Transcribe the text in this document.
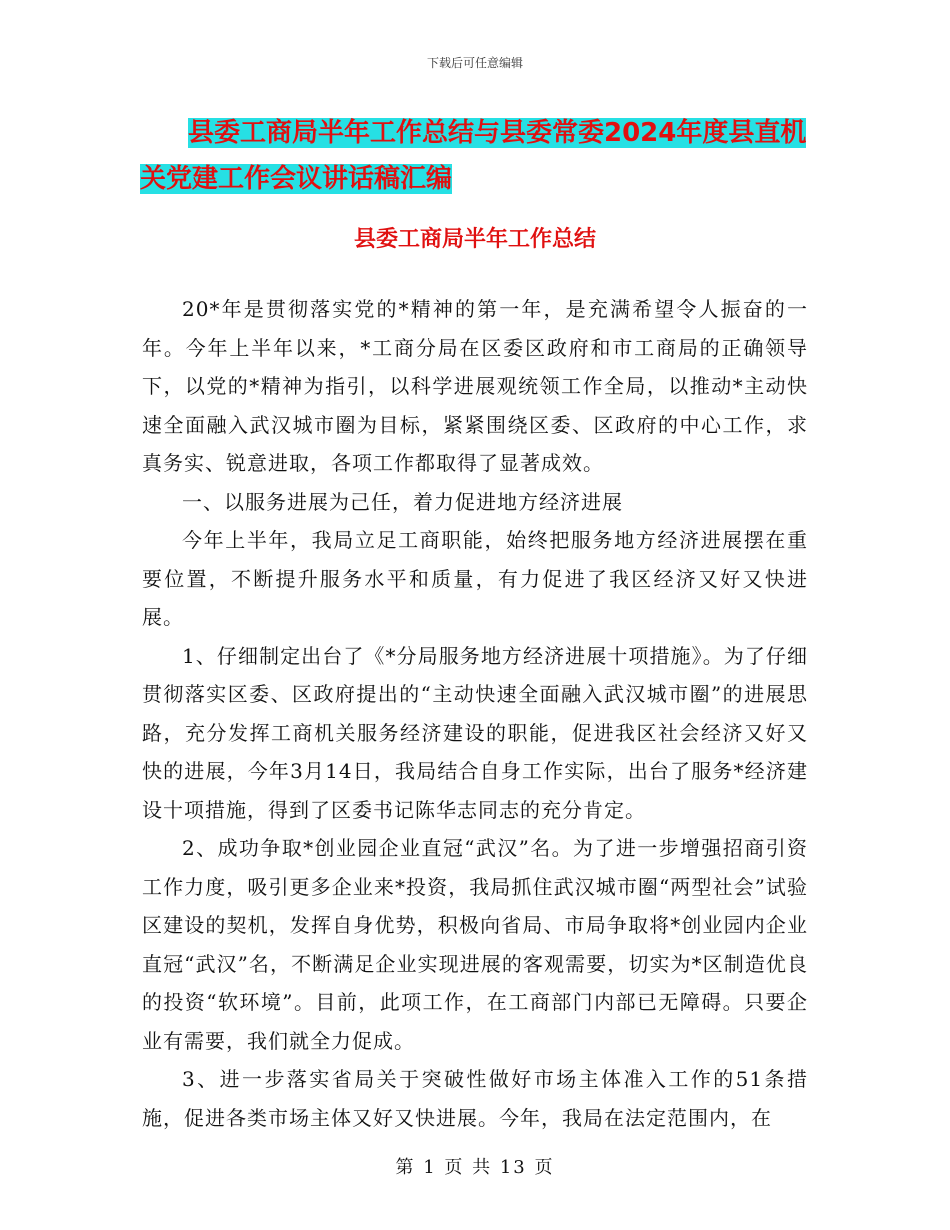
下载后可任意编辑
县委工商局半年工作总结与县委常委2024年度县直机
关党建工作会议讲话稿汇编
县委工商局半年工作总结

20*年是贯彻落实党的*精神的第一年，是充满希望令人振奋的一年。今年上半年以来，*工商分局在区委区政府和市工商局的正确领导下，以党的*精神为指引，以科学进展观统领工作全局，以推动*主动快速全面融入武汉城市圈为目标，紧紧围绕区委、区政府的中心工作，求真务实、锐意进取，各项工作都取得了显著成效。

一、以服务进展为己任，着力促进地方经济进展

今年上半年，我局立足工商职能，始终把服务地方经济进展摆在重要位置，不断提升服务水平和质量，有力促进了我区经济又好又快进展。

1、仔细制定出台了《*分局服务地方经济进展十项措施》。为了仔细贯彻落实区委、区政府提出的“主动快速全面融入武汉城市圈”的进展思路，充分发挥工商机关服务经济建设的职能，促进我区社会经济又好又快的进展，今年3月14日，我局结合自身工作实际，出台了服务*经济建设十项措施，得到了区委书记陈华志同志的充分肯定。

2、成功争取*创业园企业直冠“武汉”名。为了进一步增强招商引资工作力度，吸引更多企业来*投资，我局抓住武汉城市圈“两型社会”试验区建设的契机，发挥自身优势，积极向省局、市局争取将*创业园内企业直冠“武汉”名，不断满足企业实现进展的客观需要，切实为*区制造优良的投资“软环境”。目前，此项工作，在工商部门内部已无障碍。只要企业有需要，我们就全力促成。

3、进一步落实省局关于突破性做好市场主体准入工作的51条措施，促进各类市场主体又好又快进展。今年，我局在法定范围内，在

第 1 页 共 13 页
